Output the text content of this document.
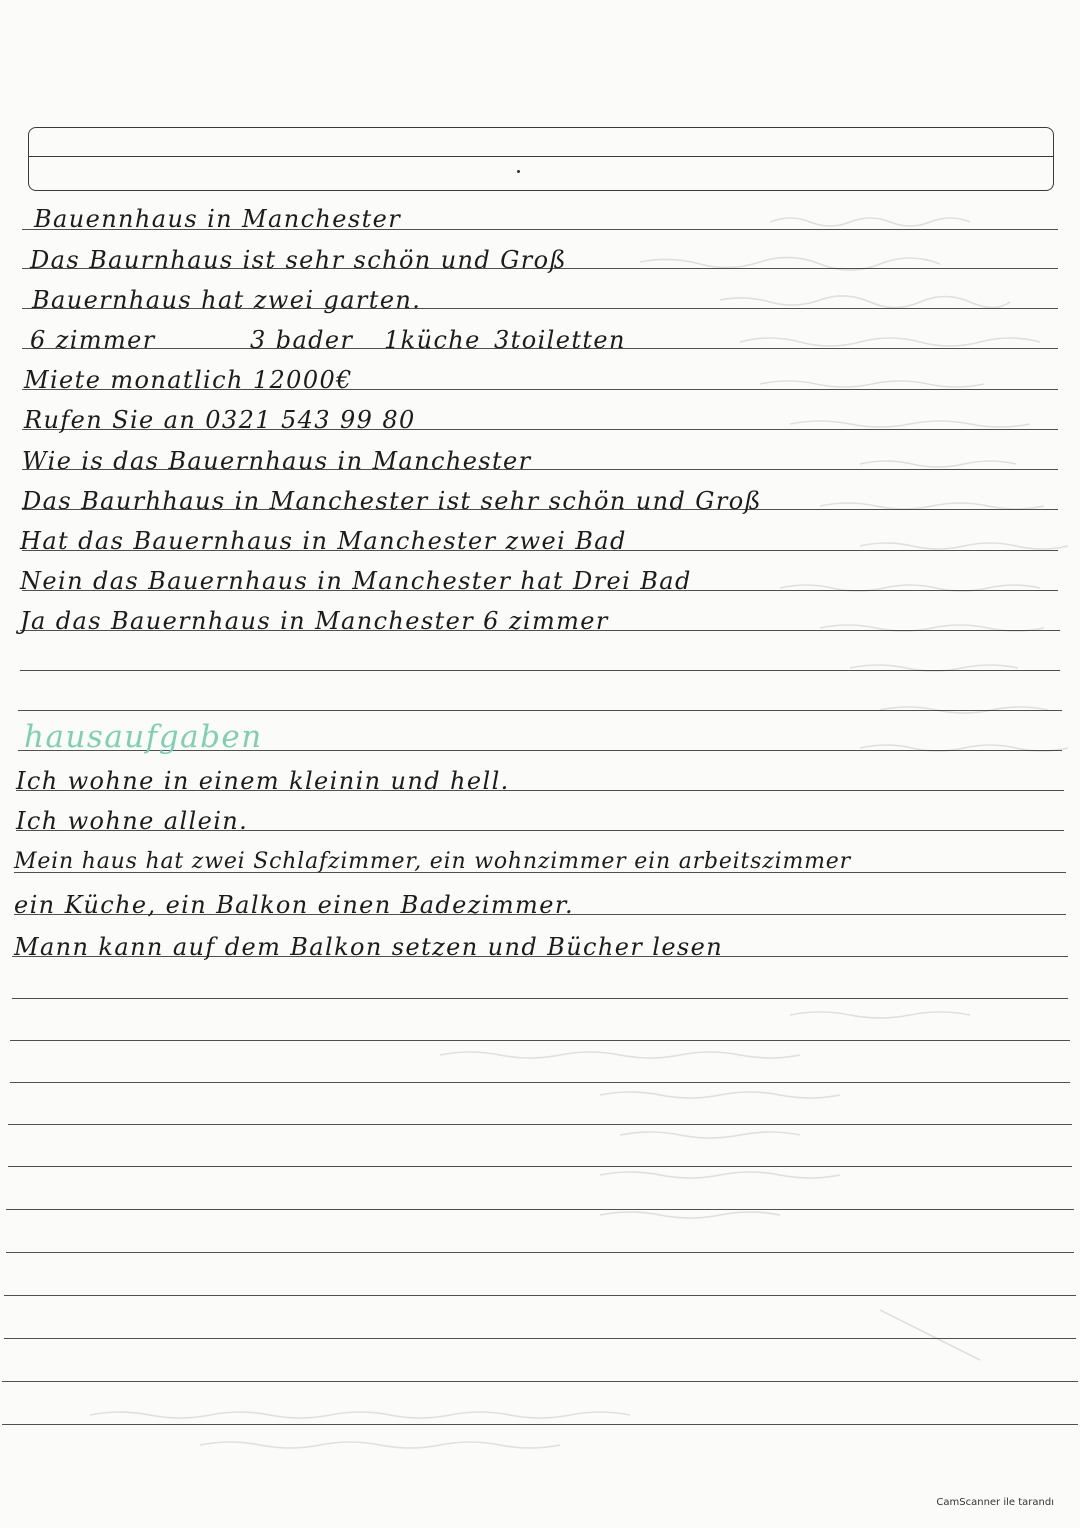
Bauennhaus in Manchester
Das Baurnhaus ist sehr schön und Groß
Bauernhaus hat zwei garten.
6 zimmer	3 bader 1küche 3toiletten
Miete monatlich 12000€
Rufen Sie an 0321 543 99 80
Wie is das Bauernhaus in Manchester
Das Baurhhaus in Manchester ist sehr schön und Groß
Hat das Bauernhaus in Manchester zwei Bad
Nein das Bauernhaus in Manchester hat Drei Bad
Ja das Bauernhaus in Manchester 6 zimmer
hausaufgaben
Ich wohne in einem kleinin und hell.
Ich wohne allein.
Mein haus hat zwei Schlafzimmer, ein wohnzimmer ein arbeitszimmer
ein Küche, ein Balkon einen Badezimmer.
Mann kann auf dem Balkon setzen und Bücher lesen
CamScanner ile tarandı
